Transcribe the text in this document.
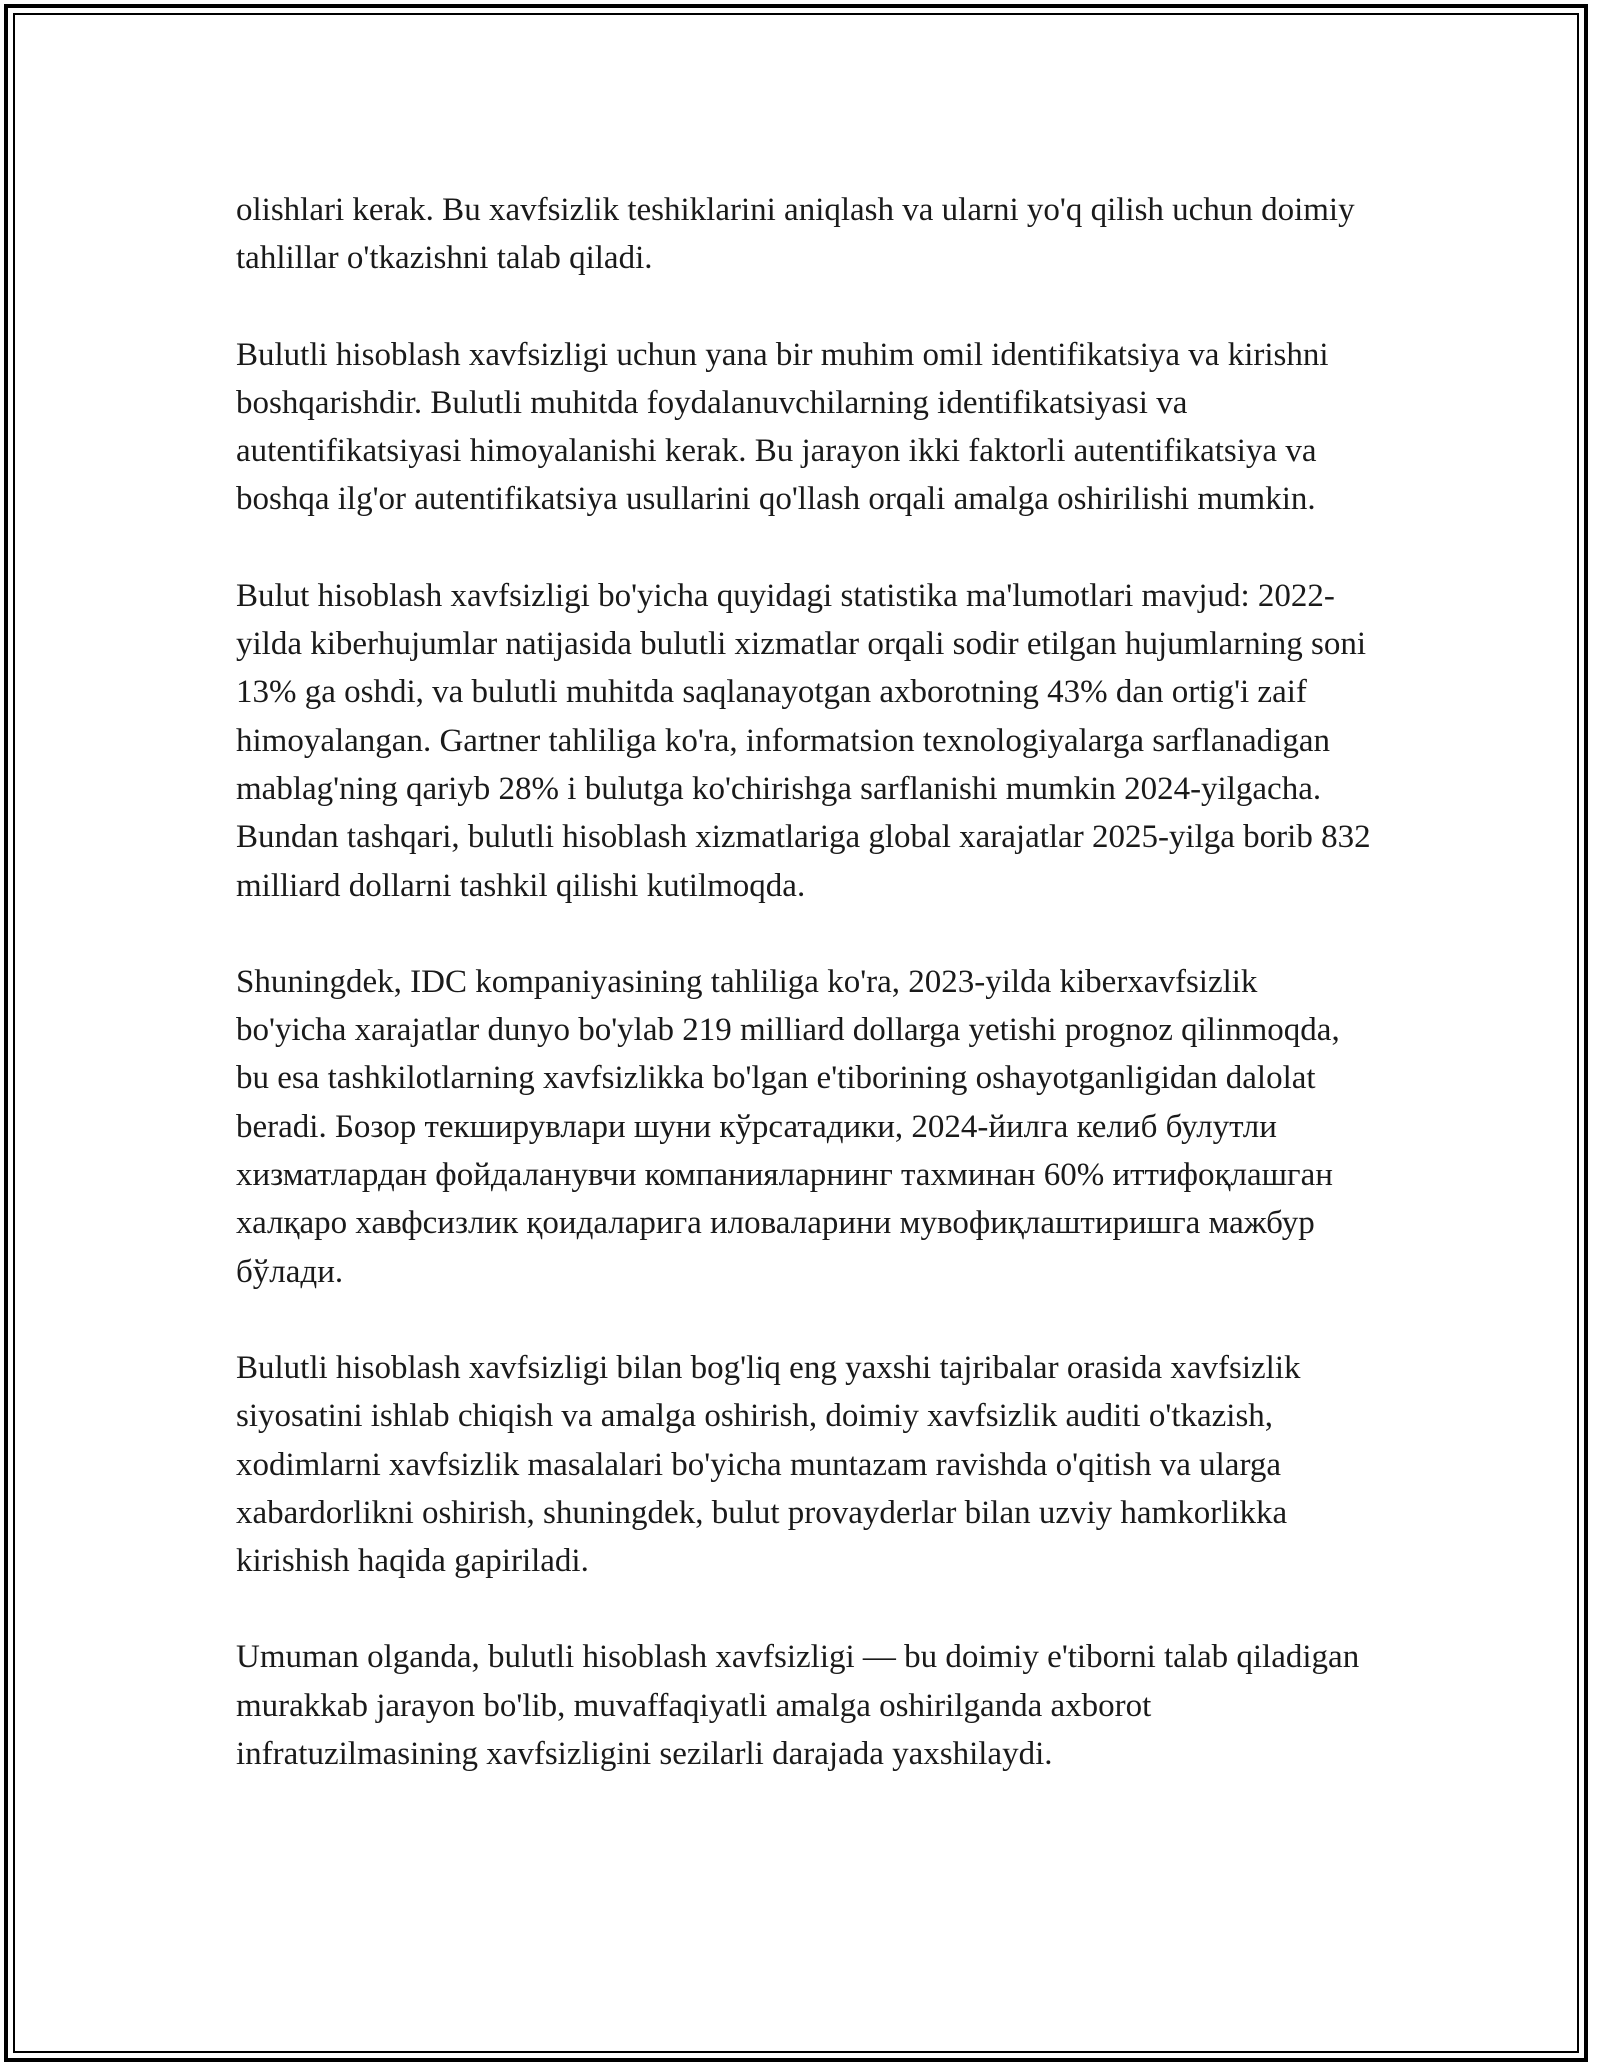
olishlari kerak. Bu xavfsizlik teshiklarini aniqlash va ularni yo'q qilish uchun doimiy tahlillar o'tkazishni talab qiladi.

Bulutli hisoblash xavfsizligi uchun yana bir muhim omil identifikatsiya va kirishni boshqarishdir. Bulutli muhitda foydalanuvchilarning identifikatsiyasi va autentifikatsiyasi himoyalanishi kerak. Bu jarayon ikki faktorli autentifikatsiya va boshqa ilg'or autentifikatsiya usullarini qo'llash orqali amalga oshirilishi mumkin.

Bulut hisoblash xavfsizligi bo'yicha quyidagi statistika ma'lumotlari mavjud: 2022-yilda kiberhujumlar natijasida bulutli xizmatlar orqali sodir etilgan hujumlarning soni 13% ga oshdi, va bulutli muhitda saqlanayotgan axborotning 43% dan ortig'i zaif himoyalangan. Gartner tahliliga ko'ra, informatsion texnologiyalarga sarflanadigan mablag'ning qariyb 28% i bulutga ko'chirishga sarflanishi mumkin 2024-yilgacha. Bundan tashqari, bulutli hisoblash xizmatlariga global xarajatlar 2025-yilga borib 832 milliard dollarni tashkil qilishi kutilmoqda.

Shuningdek, IDC kompaniyasining tahliliga ko'ra, 2023-yilda kiberxavfsizlik bo'yicha xarajatlar dunyo bo'ylab 219 milliard dollarga yetishi prognoz qilinmoqda, bu esa tashkilotlarning xavfsizlikka bo'lgan e'tiborining oshayotganligidan dalolat beradi. Бозор текширувлари шуни кўрсатадики, 2024-йилга келиб булутли хизматлардан фойдаланувчи компанияларнинг тахминан 60% иттифоқлашган халқаро хавфсизлик қоидаларига иловаларини мувофиқлаштиришга мажбур бўлади.

Bulutli hisoblash xavfsizligi bilan bog'liq eng yaxshi tajribalar orasida xavfsizlik siyosatini ishlab chiqish va amalga oshirish, doimiy xavfsizlik auditi o'tkazish, xodimlarni xavfsizlik masalalari bo'yicha muntazam ravishda o'qitish va ularga xabardorlikni oshirish, shuningdek, bulut provayderlar bilan uzviy hamkorlikka kirishish haqida gapiriladi.

Umuman olganda, bulutli hisoblash xavfsizligi — bu doimiy e'tiborni talab qiladigan murakkab jarayon bo'lib, muvaffaqiyatli amalga oshirilganda axborot infratuzilmasining xavfsizligini sezilarli darajada yaxshilaydi.
